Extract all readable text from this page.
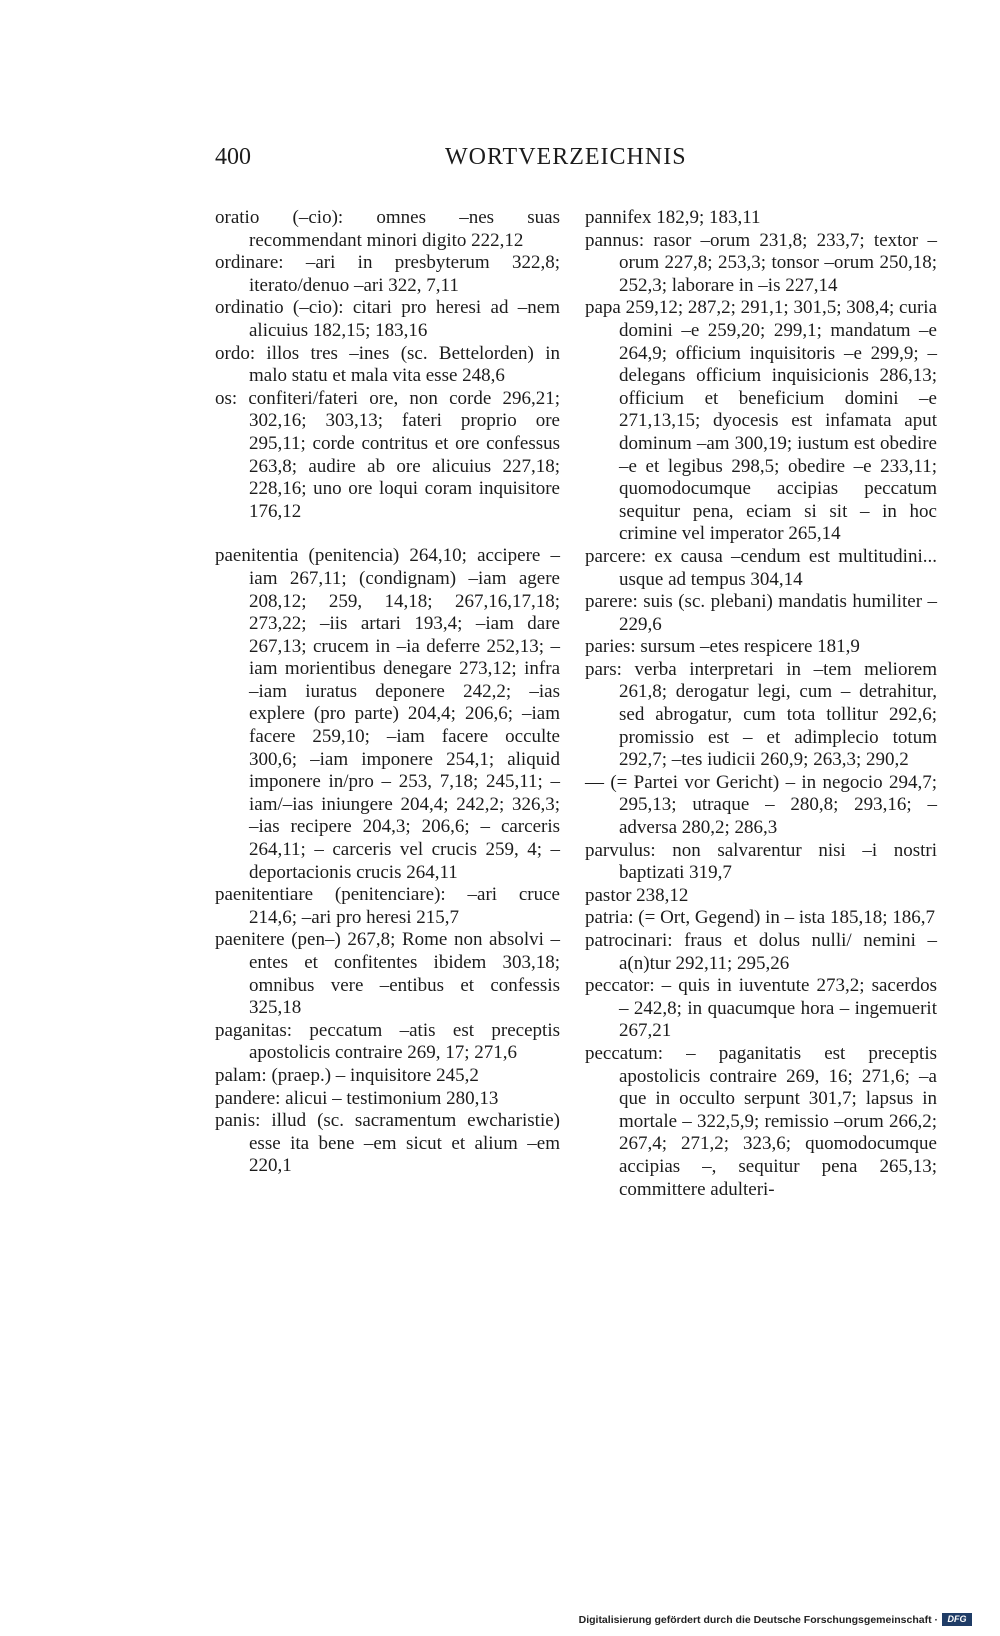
400	WORTVERZEICHNIS

oratio (–cio): omnes –nes suas recommendant minori digito 222,12

ordinare: –ari in presbyterum 322,8; iterato/denuo –ari 322, 7,11

ordinatio (–cio): citari pro heresi ad –nem alicuius 182,15; 183,16

ordo: illos tres –ines (sc. Bettelorden) in malo statu et mala vita esse 248,6

os: confiteri/fateri ore, non corde 296,21; 302,16; 303,13; fateri proprio ore 295,11; corde contritus et ore confessus 263,8; audire ab ore alicuius 227,18; 228,16; uno ore loqui coram inquisitore 176,12

paenitentia (penitencia) 264,10; accipere –iam 267,11; (condignam) –iam agere 208,12; 259, 14,18; 267,16,17,18; 273,22; –iis artari 193,4; –iam dare 267,13; crucem in –ia deferre 252,13; –iam morientibus denegare 273,12; infra –iam iuratus deponere 242,2; –ias explere (pro parte) 204,4; 206,6; –iam facere 259,10; –iam facere occulte 300,6; –iam imponere 254,1; aliquid imponere in/pro – 253, 7,18; 245,11; –iam/–ias iniungere 204,4; 242,2; 326,3; –ias recipere 204,3; 206,6; – carceris 264,11; – carceris vel crucis 259, 4; – deportacionis crucis 264,11

paenitentiare (penitenciare): –ari cruce 214,6; –ari pro heresi 215,7

paenitere (pen–) 267,8; Rome non absolvi –entes et confitentes ibidem 303,18; omnibus vere –entibus et confessis 325,18

paganitas: peccatum –atis est preceptis apostolicis contraire 269, 17; 271,6

palam: (praep.) – inquisitore 245,2

pandere: alicui – testimonium 280,13

panis: illud (sc. sacramentum ewcharistie) esse ita bene –em sicut et alium –em 220,1

pannifex 182,9; 183,11

pannus: rasor –orum 231,8; 233,7; textor –orum 227,8; 253,3; tonsor –orum 250,18; 252,3; laborare in –is 227,14

papa 259,12; 287,2; 291,1; 301,5; 308,4; curia domini –e 259,20; 299,1; mandatum –e 264,9; officium inquisitoris –e 299,9; – delegans officium inquisicionis 286,13; officium et beneficium domini –e 271,13,15; dyocesis est infamata aput dominum –am 300,19; iustum est obedire –e et legibus 298,5; obedire –e 233,11; quomodocumque accipias peccatum sequitur pena, eciam si sit – in hoc crimine vel imperator 265,14

parcere: ex causa –cendum est multitudini... usque ad tempus 304,14

parere: suis (sc. plebani) mandatis humiliter – 229,6

paries: sursum –etes respicere 181,9

pars: verba interpretari in –tem meliorem 261,8; derogatur legi, cum – detrahitur, sed abrogatur, cum tota tollitur 292,6; promissio est – et adimplecio totum 292,7; –tes iudicii 260,9; 263,3; 290,2

— (= Partei vor Gericht) – in negocio 294,7; 295,13; utraque – 280,8; 293,16; – adversa 280,2; 286,3

parvulus: non salvarentur nisi –i nostri baptizati 319,7

pastor 238,12

patria: (= Ort, Gegend) in – ista 185,18; 186,7

patrocinari: fraus et dolus nulli/ nemini –a(n)tur 292,11; 295,26

peccator: – quis in iuventute 273,2; sacerdos – 242,8; in quacumque hora – ingemuerit 267,21

peccatum: – paganitatis est preceptis apostolicis contraire 269, 16; 271,6; –a que in occulto serpunt 301,7; lapsus in mortale – 322,5,9; remissio –orum 266,2; 267,4; 271,2; 323,6; quomodocumque accipias –, sequitur pena 265,13; committere adulteri-

Digitalisierung gefördert durch die Deutsche Forschungsgemeinschaft ·	DFG
